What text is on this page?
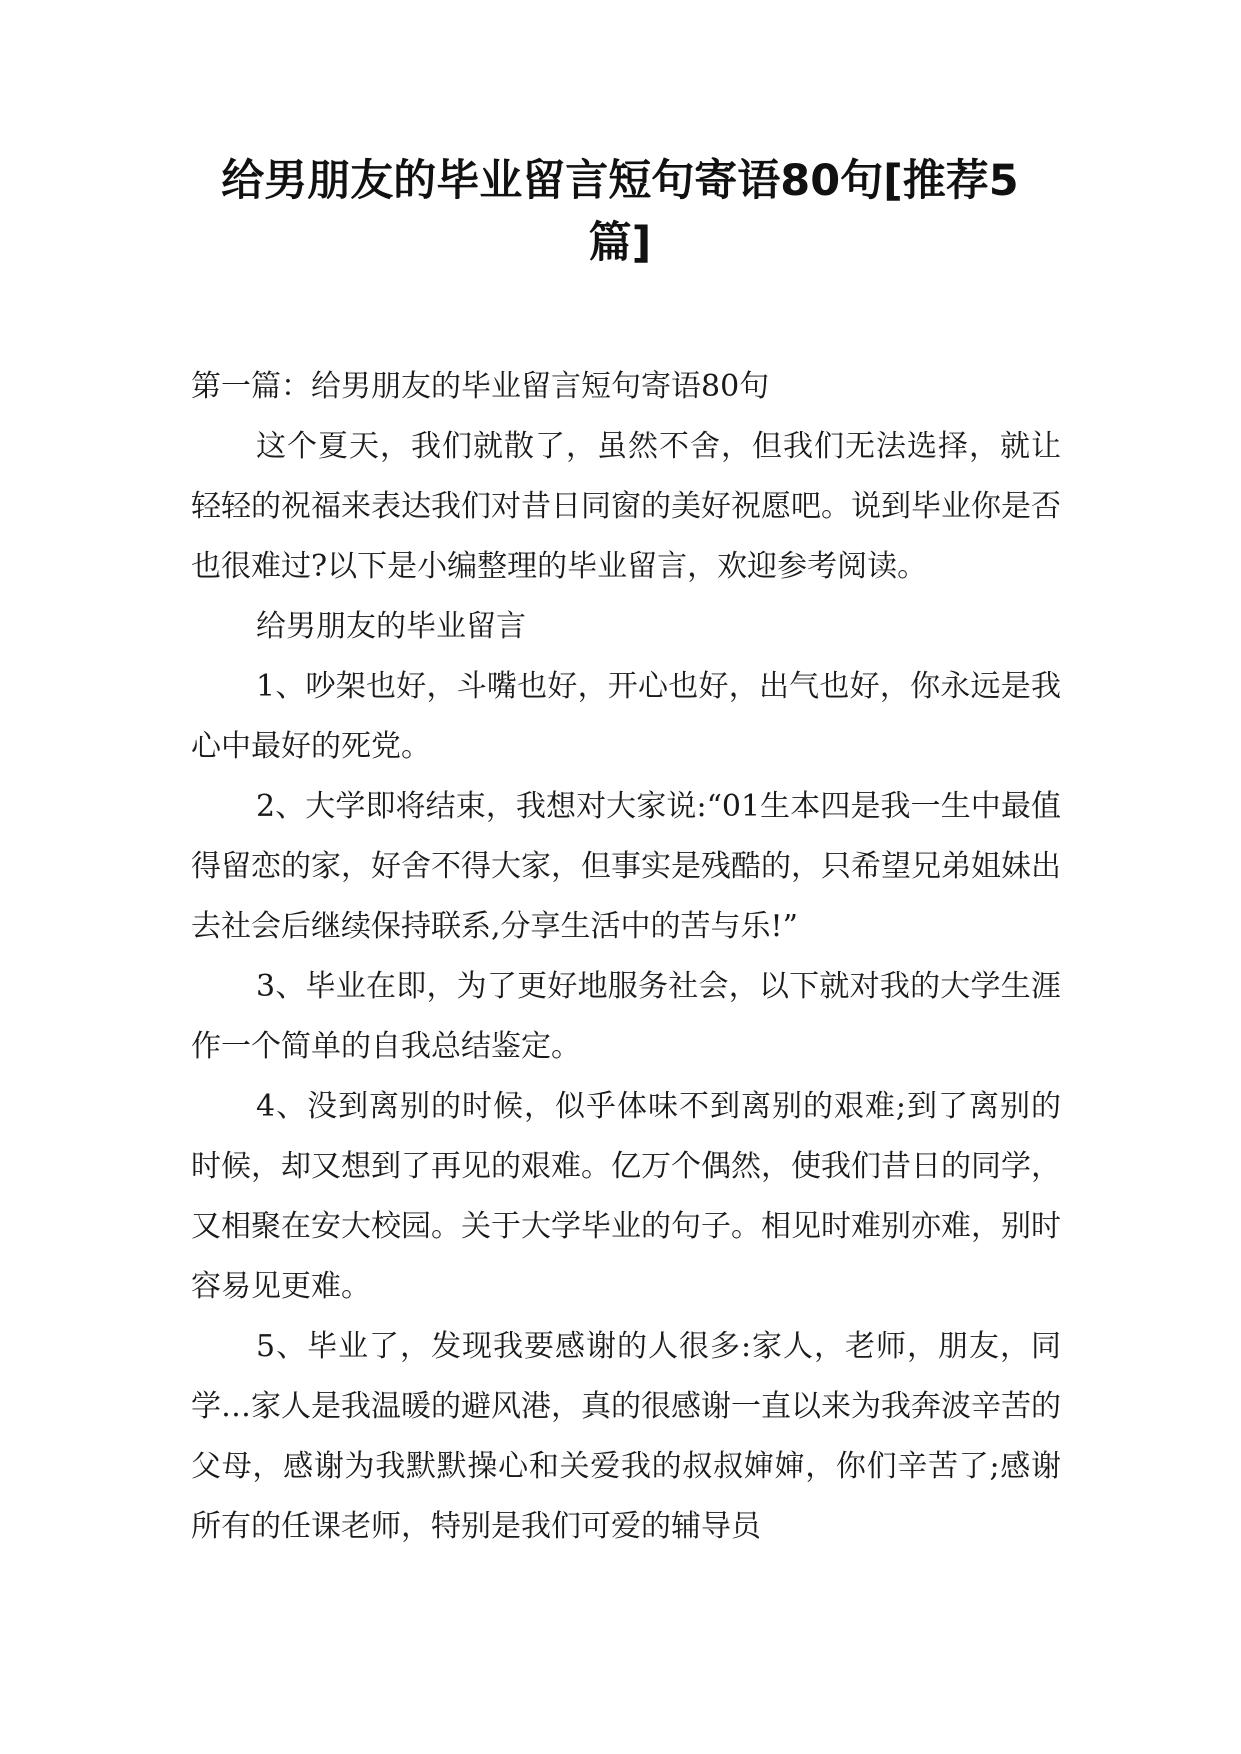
给男朋友的毕业留言短句寄语80句[推荐5
篇]

第一篇：给男朋友的毕业留言短句寄语80句

这个夏天，我们就散了，虽然不舍，但我们无法选择，就让轻轻的祝福来表达我们对昔日同窗的美好祝愿吧。说到毕业你是否也很难过?以下是小编整理的毕业留言，欢迎参考阅读。

给男朋友的毕业留言

1、吵架也好，斗嘴也好，开心也好，出气也好，你永远是我心中最好的死党。

2、大学即将结束，我想对大家说:“01生本四是我一生中最值得留恋的家，好舍不得大家，但事实是残酷的，只希望兄弟姐妹出去社会后继续保持联系,分享生活中的苦与乐!”

3、毕业在即，为了更好地服务社会，以下就对我的大学生涯作一个简单的自我总结鉴定。

4、没到离别的时候，似乎体味不到离别的艰难;到了离别的时候，却又想到了再见的艰难。亿万个偶然，使我们昔日的同学，又相聚在安大校园。关于大学毕业的句子。相见时难别亦难，别时容易见更难。

5、毕业了，发现我要感谢的人很多:家人，老师，朋友，同学…家人是我温暖的避风港，真的很感谢一直以来为我奔波辛苦的父母，感谢为我默默操心和关爱我的叔叔婶婶，你们辛苦了;感谢所有的任课老师，特别是我们可爱的辅导员
